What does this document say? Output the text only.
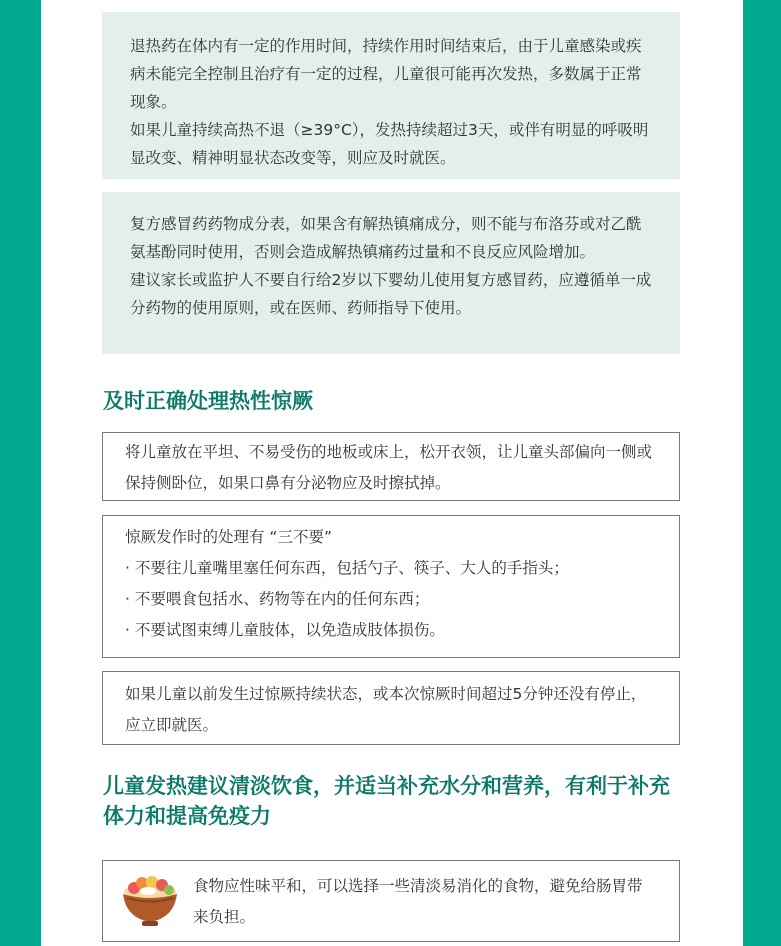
退热药在体内有一定的作用时间，持续作用时间结束后，由于儿童感染或疾病未能完全控制且治疗有一定的过程，儿童很可能再次发热，多数属于正常现象。

如果儿童持续高热不退（≥39°C），发热持续超过3天，或伴有明显的呼吸明显改变、精神明显状态改变等，则应及时就医。

复方感冒药药物成分表，如果含有解热镇痛成分，则不能与布洛芬或对乙酰氨基酚同时使用，否则会造成解热镇痛药过量和不良反应风险增加。

建议家长或监护人不要自行给2岁以下婴幼儿使用复方感冒药，应遵循单一成分药物的使用原则，或在医师、药师指导下使用。

及时正确处理热性惊厥

将儿童放在平坦、不易受伤的地板或床上，松开衣领，让儿童头部偏向一侧或保持侧卧位，如果口鼻有分泌物应及时擦拭掉。

惊厥发作时的处理有 “三不要”

· 不要往儿童嘴里塞任何东西，包括勺子、筷子、大人的手指头；

· 不要喂食包括水、药物等在内的任何东西；

· 不要试图束缚儿童肢体，以免造成肢体损伤。

如果儿童以前发生过惊厥持续状态，或本次惊厥时间超过5分钟还没有停止，应立即就医。

儿童发热建议清淡饮食，并适当补充水分和营养，有利于补充体力和提高免疫力

食物应性味平和，可以选择一些清淡易消化的食物，避免给肠胃带来负担。
